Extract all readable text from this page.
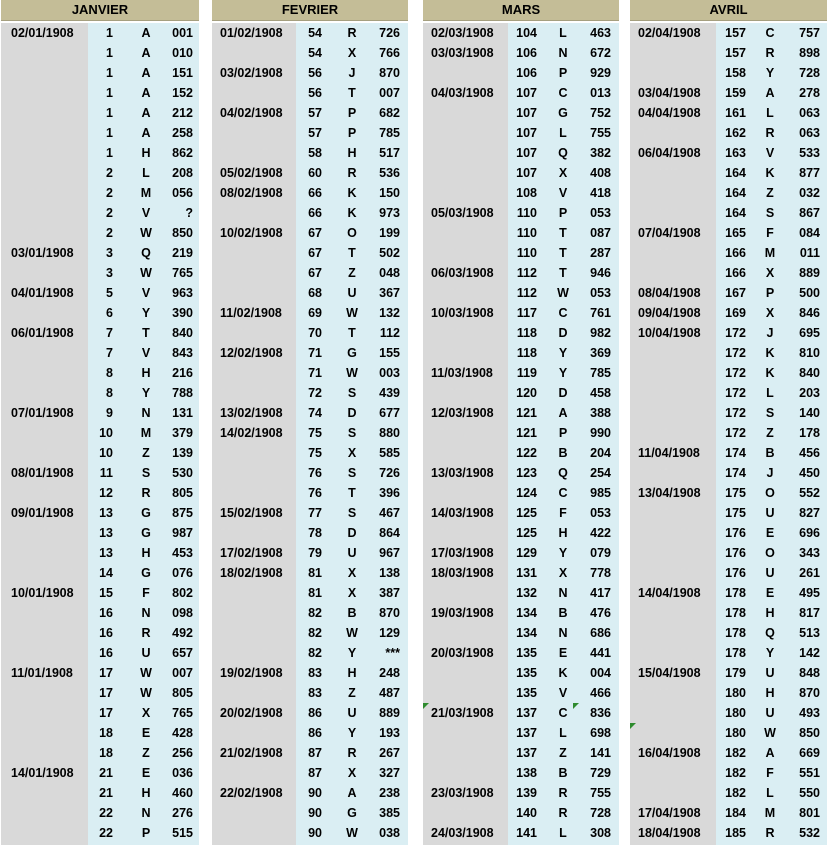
JANVIER
02/01/1908	1	A	001
1	A	010
1	A	151
1	A	152
1	A	212
1	A	258
1	H	862
2	L	208
2	M	056
2	V	?
2	W	850
03/01/1908	3	Q	219
3	W	765
04/01/1908	5	V	963
6	Y	390
06/01/1908	7	T	840
7	V	843
8	H	216
8	Y	788
07/01/1908	9	N	131
10	M	379
10	Z	139
08/01/1908	11	S	530
12	R	805
09/01/1908	13	G	875
13	G	987
13	H	453
14	G	076
10/01/1908	15	F	802
16	N	098
16	R	492
16	U	657
11/01/1908	17	W	007
17	W	805
17	X	765
18	E	428
18	Z	256
14/01/1908	21	E	036
21	H	460
22	N	276
22	P	515
FEVRIER
01/02/1908	54	R	726
54	X	766
03/02/1908	56	J	870
56	T	007
04/02/1908	57	P	682
57	P	785
58	H	517
05/02/1908	60	R	536
08/02/1908	66	K	150
66	K	973
10/02/1908	67	O	199
67	T	502
67	Z	048
68	U	367
11/02/1908	69	W	132
70	T	112
12/02/1908	71	G	155
71	W	003
72	S	439
13/02/1908	74	D	677
14/02/1908	75	S	880
75	X	585
76	S	726
76	T	396
15/02/1908	77	S	467
78	D	864
17/02/1908	79	U	967
18/02/1908	81	X	138
81	X	387
82	B	870
82	W	129
82	Y	***
19/02/1908	83	H	248
83	Z	487
20/02/1908	86	U	889
86	Y	193
21/02/1908	87	R	267
87	X	327
22/02/1908	90	A	238
90	G	385
90	W	038
MARS
02/03/1908	104	L	463
03/03/1908	106	N	672
106	P	929
04/03/1908	107	C	013
107	G	752
107	L	755
107	Q	382
107	X	408
108	V	418
05/03/1908	110	P	053
110	T	087
110	T	287
06/03/1908	112	T	946
112	W	053
10/03/1908	117	C	761
118	D	982
118	Y	369
11/03/1908	119	Y	785
120	D	458
12/03/1908	121	A	388
121	P	990
122	B	204
13/03/1908	123	Q	254
124	C	985
14/03/1908	125	F	053
125	H	422
17/03/1908	129	Y	079
18/03/1908	131	X	778
132	N	417
19/03/1908	134	B	476
134	N	686
20/03/1908	135	E	441
135	K	004
135	V	466
21/03/1908	137	C	836
137	L	698
137	Z	141
138	B	729
23/03/1908	139	R	755
140	R	728
24/03/1908	141	L	308
AVRIL
02/04/1908	157	C	757
157	R	898
158	Y	728
03/04/1908	159	A	278
04/04/1908	161	L	063
162	R	063
06/04/1908	163	V	533
164	K	877
164	Z	032
164	S	867
07/04/1908	165	F	084
166	M	011
166	X	889
08/04/1908	167	P	500
09/04/1908	169	X	846
10/04/1908	172	J	695
172	K	810
172	K	840
172	L	203
172	S	140
172	Z	178
11/04/1908	174	B	456
174	J	450
13/04/1908	175	O	552
175	U	827
176	E	696
176	O	343
176	U	261
14/04/1908	178	E	495
178	H	817
178	Q	513
178	Y	142
15/04/1908	179	U	848
180	H	870
180	U	493
180	W	850
16/04/1908	182	A	669
182	F	551
182	L	550
17/04/1908	184	M	801
18/04/1908	185	R	532
